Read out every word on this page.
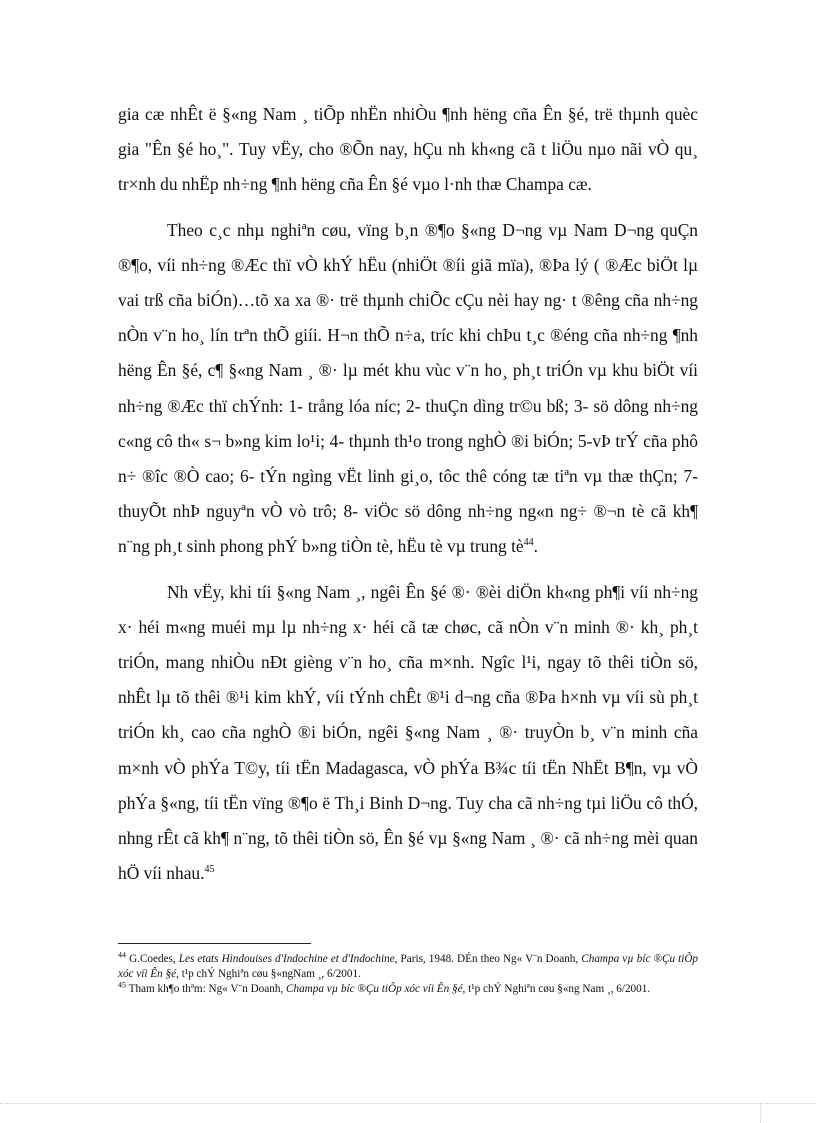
gia cæ nhÊt ë §«ng Nam ¸ tiÕp nhËn nhiÒu ¶nh hëng cña Ên §é, trë thµnh quèc gia "Ên §é ho¸". Tuy vËy, cho ®Õn nay, hÇu nh kh«ng cã t liÖu nµo nãi vÒ qu¸ tr×nh du nhËp nh÷ng ¶nh hëng cña Ên §é vµo l·nh thæ Champa cæ.

Theo c¸c nhµ nghiªn cøu, vïng b¸n ®¶o §«ng D¬ng vµ Nam D¬ng quÇn ®¶o, víi nh÷ng ®Æc thï vÒ khÝ hËu (nhiÖt ®íi giã mïa), ®Þa lý ( ®Æc biÖt lµ vai trß cña biÓn)…tõ xa xa ®· trë thµnh chiÕc cÇu nèi hay ng· t ®êng cña nh÷ng nÒn v¨n ho¸ lín trªn thÕ giíi. H¬n thÕ n÷a, tríc khi chÞu t¸c ®éng cña nh÷ng ¶nh hëng Ên §é, c¶ §«ng Nam ¸ ®· lµ mét khu vùc v¨n ho¸ ph¸t triÓn vµ khu biÖt víi nh÷ng ®Æc thï chÝnh: 1- trång lóa níc; 2- thuÇn dìng tr©u bß; 3- sö dông nh÷ng c«ng cô th« s¬ b»ng kim lo¹i; 4- thµnh th¹o trong nghÒ ®i biÓn; 5-vÞ trÝ cña phô n÷ ®îc ®Ò cao; 6- tÝn ngìng vËt linh gi¸o, tôc thê cóng tæ tiªn vµ thæ thÇn; 7- thuyÕt nhÞ nguyªn vÒ vò trô; 8- viÖc sö dông nh÷ng ng«n ng÷ ®¬n tè cã kh¶ n¨ng ph¸t sinh phong phÝ b»ng tiÒn tè, hËu tè vµ trung $tè^{44}$.

Nh vËy, khi tíi §«ng Nam ¸, ngêi Ên §é ®· ®èi diÖn kh«ng ph¶i víi nh÷ng x· héi m«ng muéi mµ lµ nh÷ng x· héi cã tæ chøc, cã nÒn v¨n minh ®· kh¸ ph¸t triÓn, mang nhiÒu nÐt gièng v¨n ho¸ cña m×nh. Ngîc l¹i, ngay tõ thêi tiÒn sö, nhÊt lµ tõ thêi ®¹i kim khÝ, víi tÝnh chÊt ®¹i d¬ng cña ®Þa h×nh vµ víi sù ph¸t triÓn kh¸ cao cña nghÒ ®i biÓn, ngêi §«ng Nam ¸ ®· truyÒn b¸ v¨n minh cña m×nh vÒ phÝa T©y, tíi tËn Madagasca, vÒ phÝa B¾c tíi tËn NhËt B¶n, vµ vÒ phÝa §«ng, tíi tËn vïng ®¶o ë Th¸i Binh D¬ng. Tuy cha cã nh÷ng tµi liÖu cô thÓ, nhng rÊt cã kh¶ n¨ng, tõ thêi tiÒn sö, Ên §é vµ §«ng Nam ¸ ®· cã nh÷ng mèi quan hÖ víi nhau.$^{45}$

$^{44}$ G.Coedes, Les etats Hindouises d'Indochine et d'Indochine, Paris, 1948. DÉn theo Ng« V¨n Doanh, Champa vµ bíc ®Çu tiÕp xóc víi Ên §é, t¹p chÝ Nghiªn cøu §«ngNam ¸, 6/2001.

$^{45}$ Tham kh¶o thªm: Ng« V¨n Doanh, Champa vµ bíc ®Çu tiÕp xóc víi Ên §é, t¹p chÝ Nghiªn cøu §«ng Nam ¸, 6/2001.
